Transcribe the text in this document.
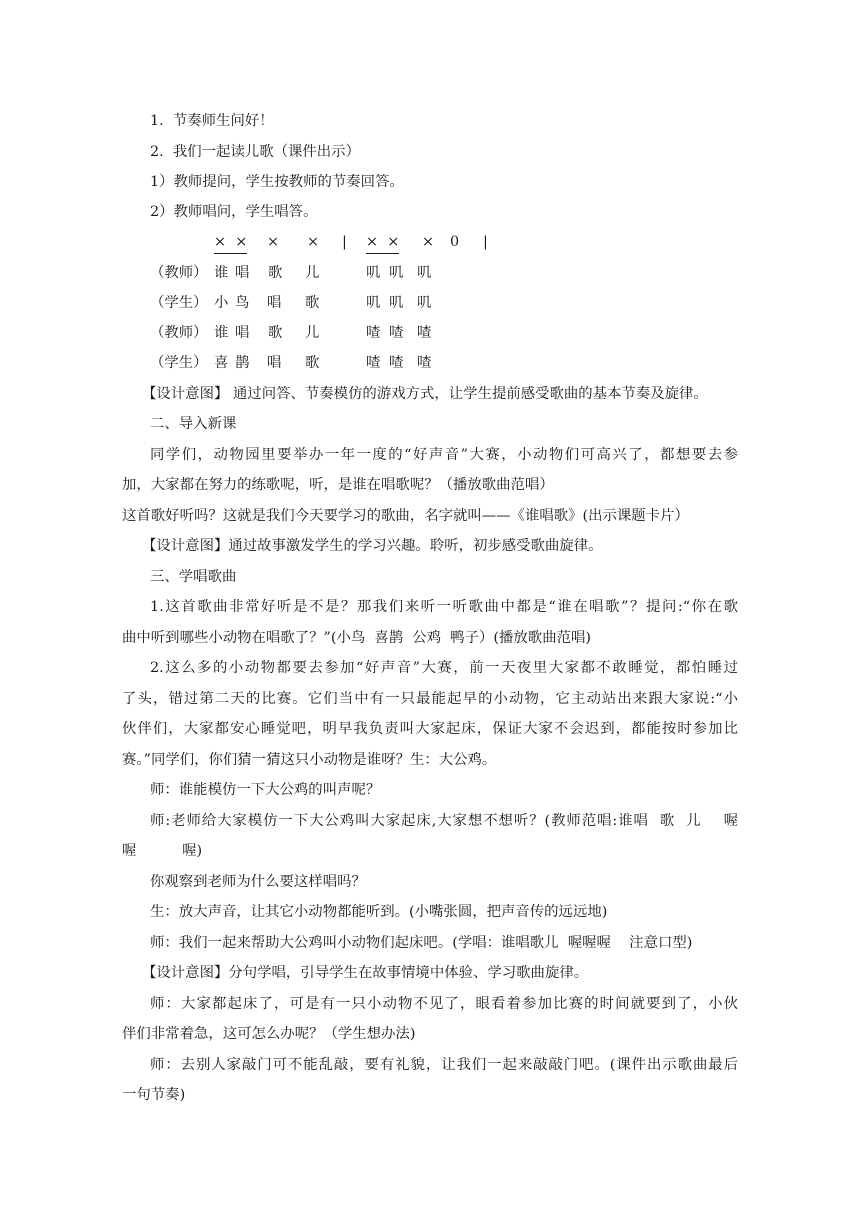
1.  节奏师生问好！
2.  我们一起读儿歌（课件出示）
1）教师提问，学生按教师的节奏回答。
2）教师唱问，学生唱答。
×  × × × | ×  × × 0 |
（教师） 谁 唱 歌 儿	叽 叽 叽
（学生） 小 鸟 唱 歌	叽 叽 叽
（教师） 谁 唱 歌 儿	喳 喳 喳
（学生） 喜 鹊 唱 歌	喳 喳 喳
【设计意图】 通过问答、节奏模仿的游戏方式，让学生提前感受歌曲的基本节奏及旋律。
二、导入新课
同学们，动物园里要举办一年一度的“好声音”大赛，小动物们可高兴了，都想要去参
加，大家都在努力的练歌呢，听，是谁在唱歌呢？（播放歌曲范唱）
这首歌好听吗？这就是我们今天要学习的歌曲，名字就叫——《谁唱歌》(出示课题卡片）
【设计意图】通过故事激发学生的学习兴趣。聆听，初步感受歌曲旋律。
三、学唱歌曲
1.这首歌曲非常好听是不是？那我们来听一听歌曲中都是“谁在唱歌”？提问:“你在歌
曲中听到哪些小动物在唱歌了？”(小鸟  喜鹊  公鸡  鸭子）(播放歌曲范唱)
2.这么多的小动物都要去参加“好声音”大赛，前一天夜里大家都不敢睡觉，都怕睡过
了头，错过第二天的比赛。它们当中有一只最能起早的小动物，它主动站出来跟大家说:“小
伙伴们，大家都安心睡觉吧，明早我负责叫大家起床，保证大家不会迟到，都能按时参加比
赛。”同学们，你们猜一猜这只小动物是谁呀？生：大公鸡。
师：谁能模仿一下大公鸡的叫声呢？
师:老师给大家模仿一下大公鸡叫大家起床,大家想不想听？(教师范唱:谁唱  歌  儿    喔
喔          喔)
你观察到老师为什么要这样唱吗？
生：放大声音，让其它小动物都能听到。(小嘴张圆，把声音传的远远地)
师：我们一起来帮助大公鸡叫小动物们起床吧。(学唱：谁唱歌儿  喔喔喔    注意口型)
【设计意图】分句学唱，引导学生在故事情境中体验、学习歌曲旋律。
师：大家都起床了，可是有一只小动物不见了，眼看着参加比赛的时间就要到了，小伙
伴们非常着急，这可怎么办呢？（学生想办法)
师：去别人家敲门可不能乱敲，要有礼貌，让我们一起来敲敲门吧。(课件出示歌曲最后
一句节奏)
